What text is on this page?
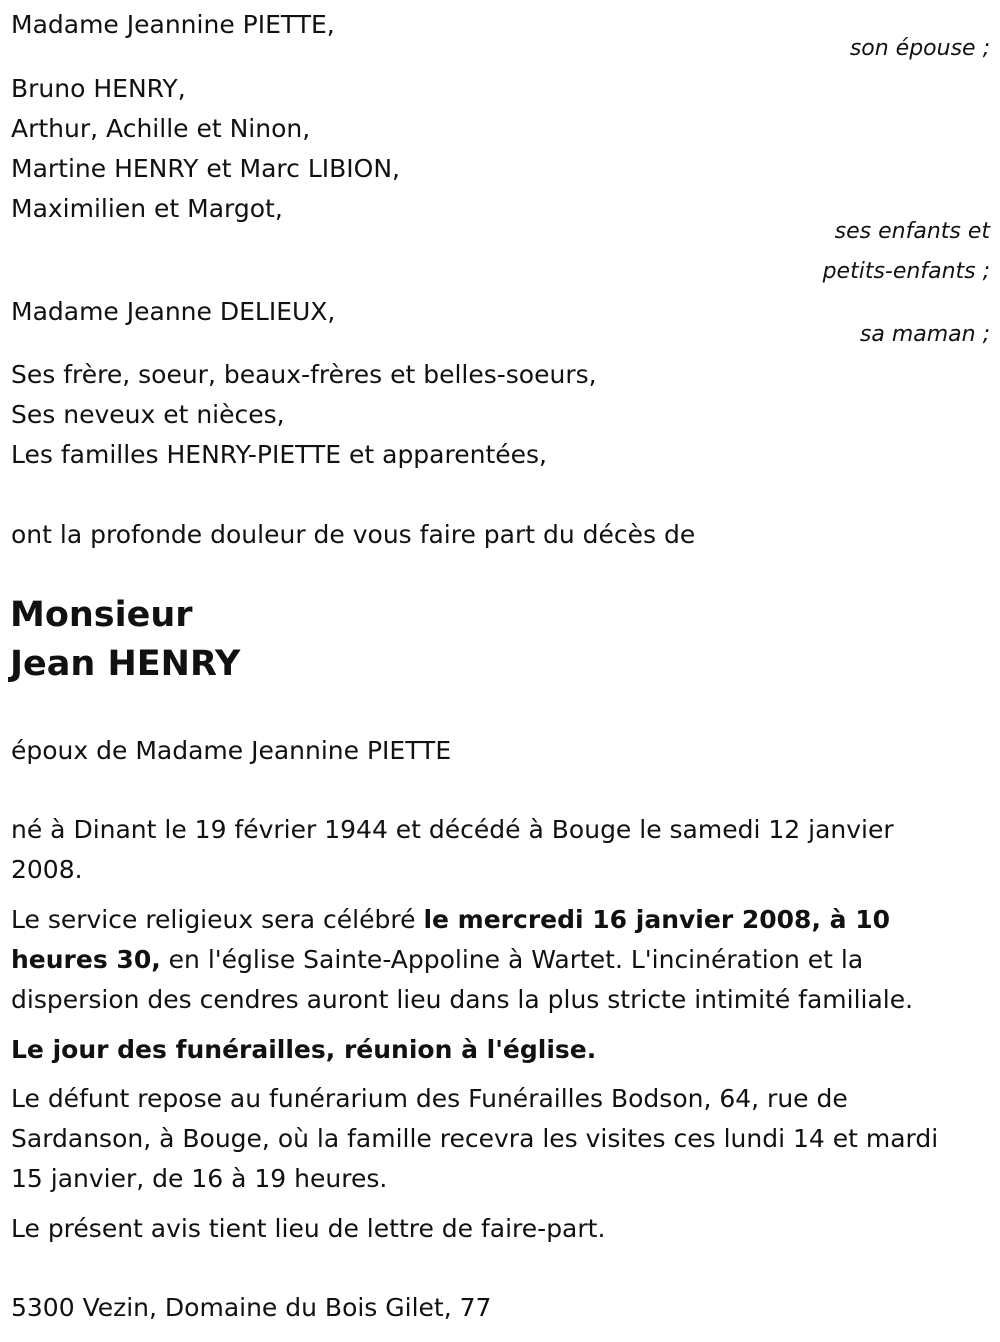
Madame Jeannine PIETTE,

son épouse ;

Bruno HENRY,

Arthur, Achille et Ninon,

Martine HENRY et Marc LIBION,

Maximilien et Margot,

ses enfants et

petits-enfants ;

Madame Jeanne DELIEUX,

sa maman ;

Ses frère, soeur, beaux-frères et belles-soeurs,

Ses neveux et nièces,

Les familles HENRY-PIETTE et apparentées,

ont la profonde douleur de vous faire part du décès de

Monsieur

Jean HENRY

époux de Madame Jeannine PIETTE

né à Dinant le 19 février 1944 et décédé à Bouge le samedi 12 janvier

2008.

Le service religieux sera célébré le mercredi 16 janvier 2008, à 10

heures 30, en l'église Sainte-Appoline à Wartet. L'incinération et la

dispersion des cendres auront lieu dans la plus stricte intimité familiale.

Le jour des funérailles, réunion à l'église.

Le défunt repose au funérarium des Funérailles Bodson, 64, rue de

Sardanson, à Bouge, où la famille recevra les visites ces lundi 14 et mardi

15 janvier, de 16 à 19 heures.

Le présent avis tient lieu de lettre de faire-part.

5300 Vezin, Domaine du Bois Gilet, 77
